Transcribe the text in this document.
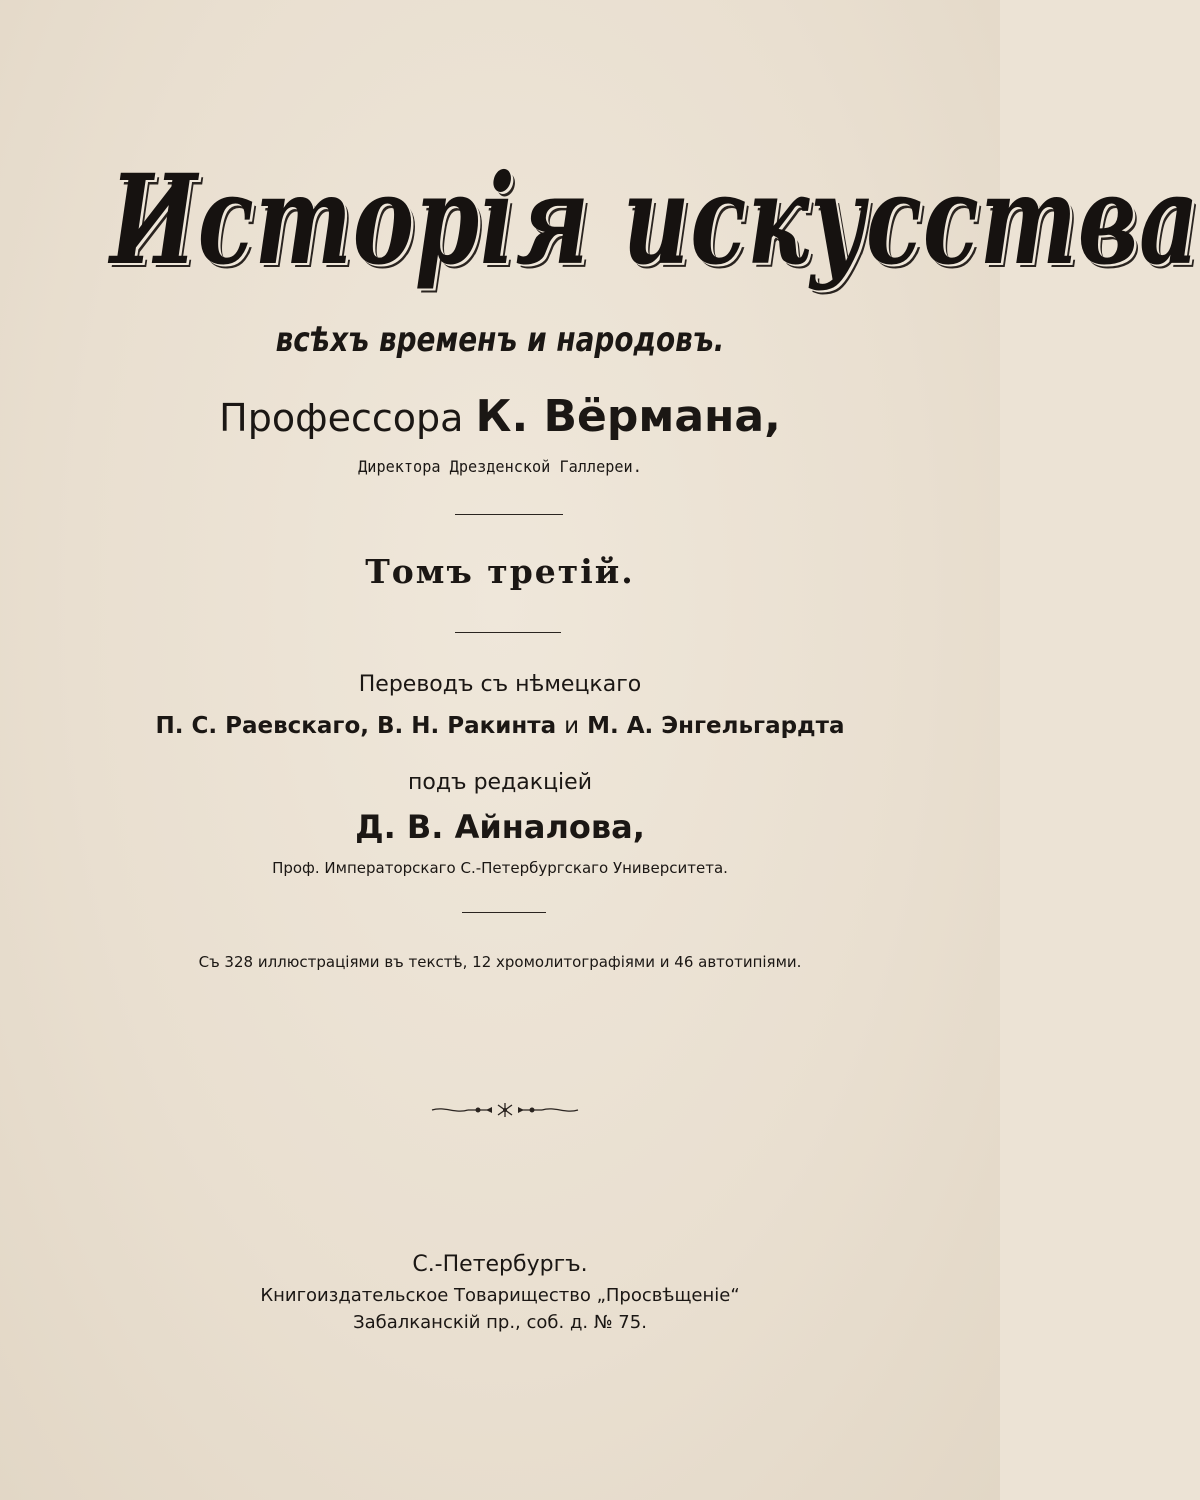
Исторія искусства
всѣхъ временъ и народовъ.
Профессора К. Вёрмана,
Директора Дрезденской Галлереи.
Томъ третій.
Переводъ съ нѣмецкаго
П. С. Раевскаго, В. Н. Ракинта и М. А. Энгельгардта
подъ редакціей
Д. В. Айналова,
Проф. Императорскаго С.-Петербургскаго Университета.
Съ 328 иллюстраціями въ текстѣ, 12 хромолитографіями и 46 автотипіями.
С.-Петербургъ.
Книгоиздательское Товарищество „Просвѣщеніе“
Забалканскій пр., соб. д. № 75.
